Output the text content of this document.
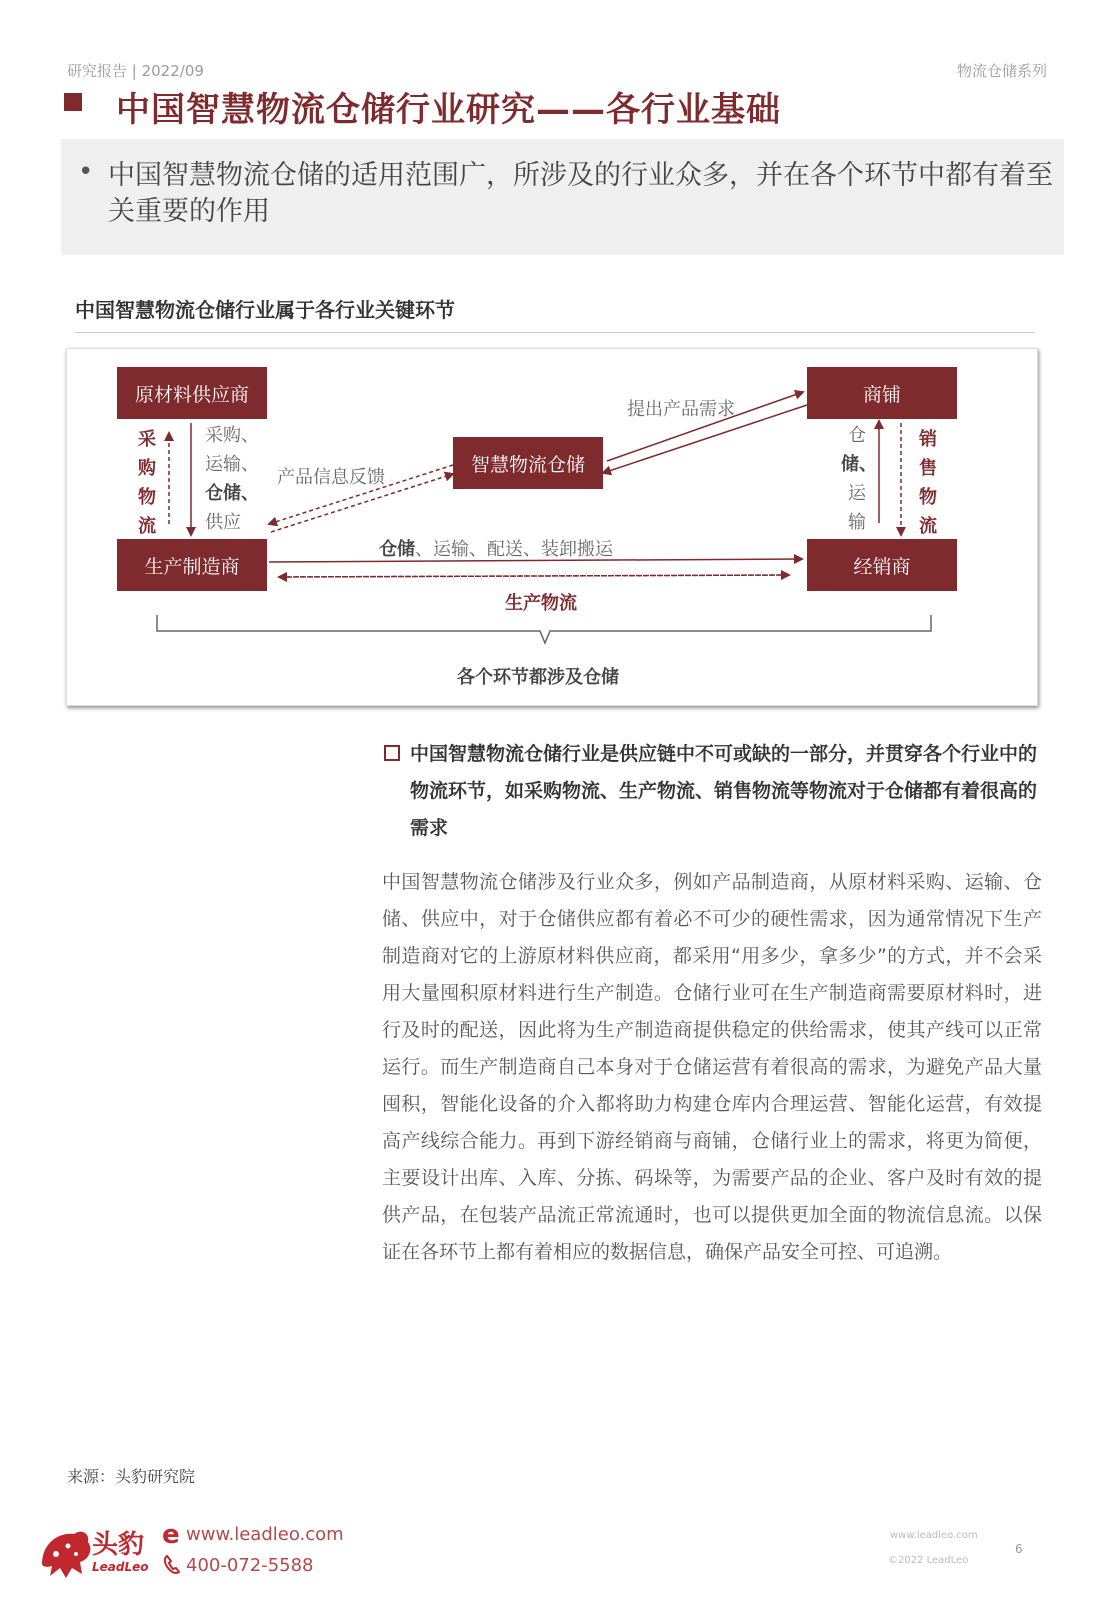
研究报告 | 2022/09	物流仓储系列
中国智慧物流仓储行业研究——各行业基础
• 中国智慧物流仓储的适用范围广，所涉及的行业众多，并在各个环节中都有着至关重要的作用
中国智慧物流仓储行业属于各行业关键环节
原材料供应商
智慧物流仓储
商铺
生产制造商	经销商
提出产品需求
产品信息反馈
采
购
物
流
采购、
运输、
仓储、
供应
仓
储、
运
输
销
售
物
流
仓储、运输、配送、装卸搬运
生产物流
各个环节都涉及仓储
中国智慧物流仓储行业是供应链中不可或缺的一部分，并贯穿各个行业中的物流环节，如采购物流、生产物流、销售物流等物流对于仓储都有着很高的需求
中国智慧物流仓储涉及行业众多，例如产品制造商，从原材料采购、运输、仓储、供应中，对于仓储供应都有着必不可少的硬性需求，因为通常情况下生产制造商对它的上游原材料供应商，都采用“用多少，拿多少”的方式，并不会采用大量囤积原材料进行生产制造。仓储行业可在生产制造商需要原材料时，进行及时的配送，因此将为生产制造商提供稳定的供给需求，使其产线可以正常运行。而生产制造商自己本身对于仓储运营有着很高的需求，为避免产品大量囤积，智能化设备的介入都将助力构建仓库内合理运营、智能化运营，有效提高产线综合能力。再到下游经销商与商铺，仓储行业上的需求，将更为简便，主要设计出库、入库、分拣、码垛等，为需要产品的企业、客户及时有效的提供产品，在包装产品流正常流通时，也可以提供更加全面的物流信息流。以保证在各环节上都有着相应的数据信息，确保产品安全可控、可追溯。
来源：头豹研究院
头豹
LeadLeo
e www.leadleo.com
400-072-5588
www.leadleo.com
©2022 LeadLeo
6
